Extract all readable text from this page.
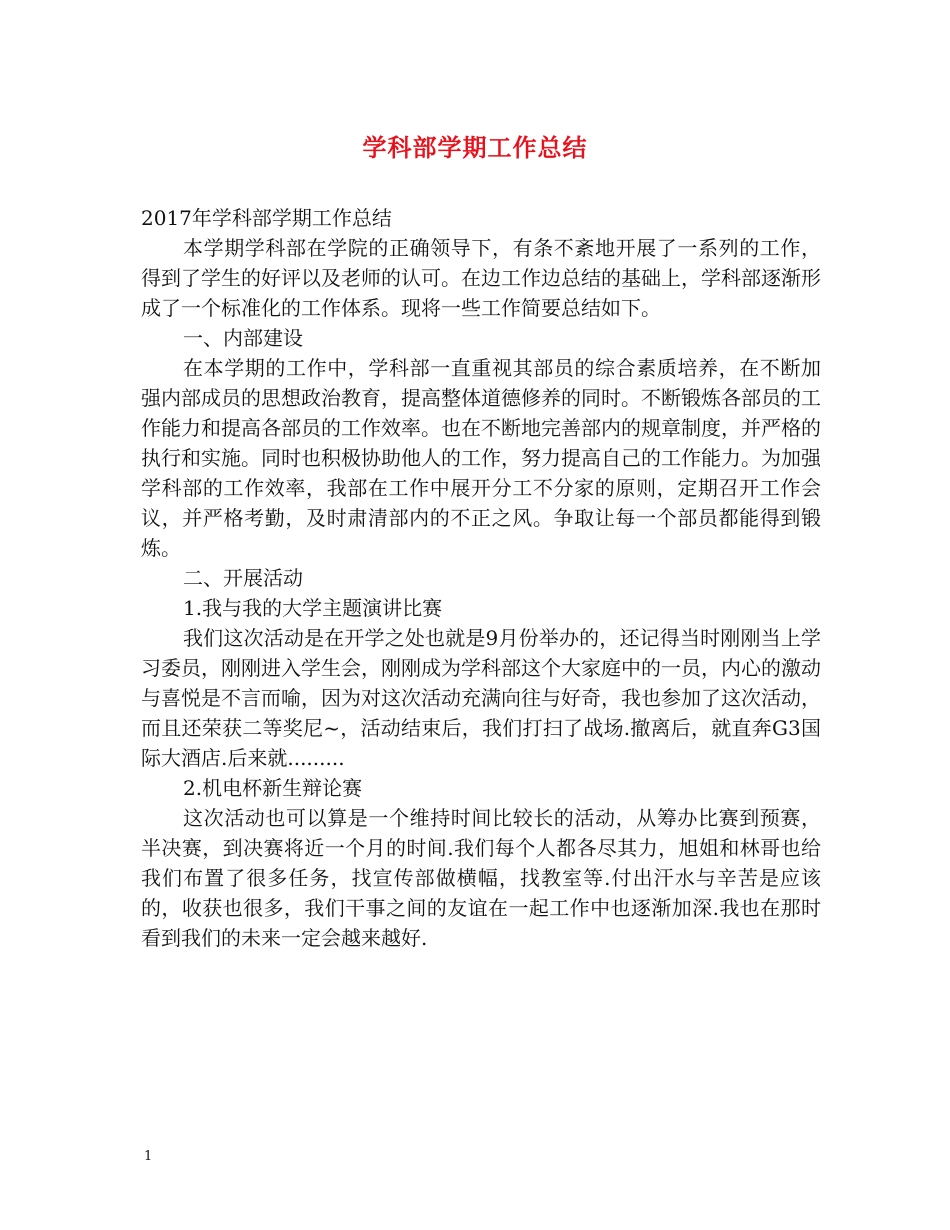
学科部学期工作总结

2017年学科部学期工作总结

本学期学科部在学院的正确领导下，有条不紊地开展了一系列的工作，得到了学生的好评以及老师的认可。在边工作边总结的基础上，学科部逐渐形成了一个标准化的工作体系。现将一些工作简要总结如下。

一、内部建设

在本学期的工作中，学科部一直重视其部员的综合素质培养，在不断加强内部成员的思想政治教育，提高整体道德修养的同时。不断锻炼各部员的工作能力和提高各部员的工作效率。也在不断地完善部内的规章制度，并严格的执行和实施。同时也积极协助他人的工作，努力提高自己的工作能力。为加强学科部的工作效率，我部在工作中展开分工不分家的原则，定期召开工作会议，并严格考勤，及时肃清部内的不正之风。争取让每一个部员都能得到锻炼。

二、开展活动

1.我与我的大学主题演讲比赛

我们这次活动是在开学之处也就是9月份举办的，还记得当时刚刚当上学习委员，刚刚进入学生会，刚刚成为学科部这个大家庭中的一员，内心的激动与喜悦是不言而喻，因为对这次活动充满向往与好奇，我也参加了这次活动，而且还荣获二等奖尼~，活动结束后，我们打扫了战场.撤离后，就直奔G3国际大酒店.后来就.........

2.机电杯新生辩论赛

这次活动也可以算是一个维持时间比较长的活动，从筹办比赛到预赛，半决赛，到决赛将近一个月的时间.我们每个人都各尽其力，旭姐和林哥也给我们布置了很多任务，找宣传部做横幅，找教室等.付出汗水与辛苦是应该的，收获也很多，我们干事之间的友谊在一起工作中也逐渐加深.我也在那时看到我们的未来一定会越来越好.

1
